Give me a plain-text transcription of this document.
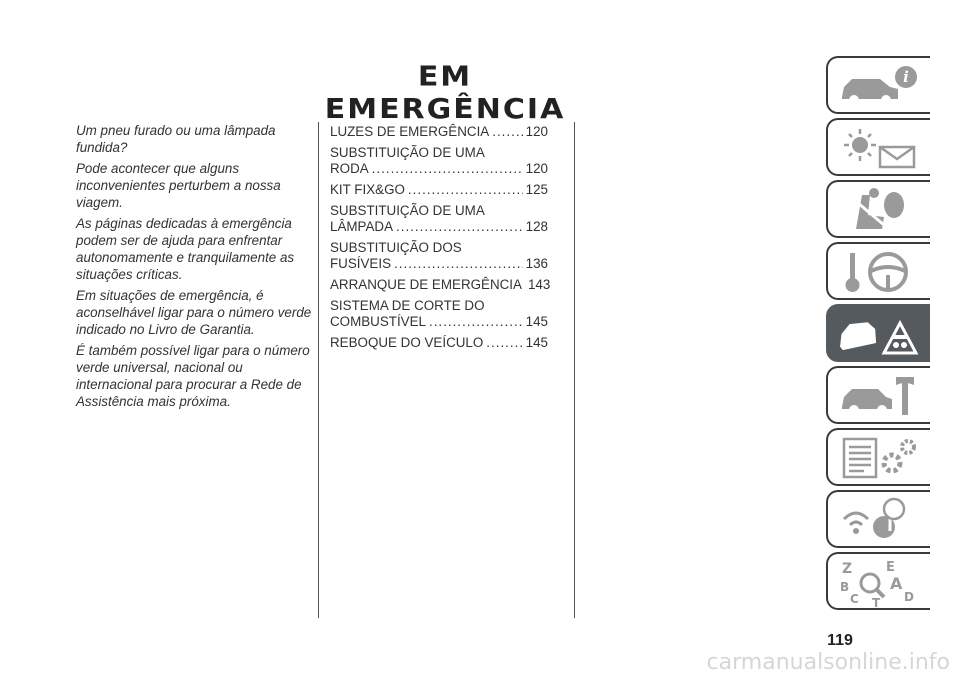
EM EMERGÊNCIA

Um pneu furado ou uma lâmpada fundida?

Pode acontecer que alguns inconvenientes perturbem a nossa viagem.

As páginas dedicadas à emergência podem ser de ajuda para enfrentar autonomamente e tranquilamente as situações críticas.

Em situações de emergência, é aconselhável ligar para o número verde indicado no Livro de Garantia.

É também possível ligar para o número verde universal, nacional ou internacional para procurar a Rede de Assistência mais próxima.

LUZES DE EMERGÊNCIA .....	120
SUBSTITUIÇÃO DE UMA
RODA .....	120
KIT FIX&GO .....	125
SUBSTITUIÇÃO DE UMA
LÂMPADA .....	128
SUBSTITUIÇÃO DOS
FUSÍVEIS .....	136
ARRANQUE DE EMERGÊNCIA 143
SISTEMA DE CORTE DO
COMBUSTÍVEL .....	145
REBOQUE DO VEÍCULO .....	145
119
i
Z	E
B	A
C	D
T
carmanualsonline.info
